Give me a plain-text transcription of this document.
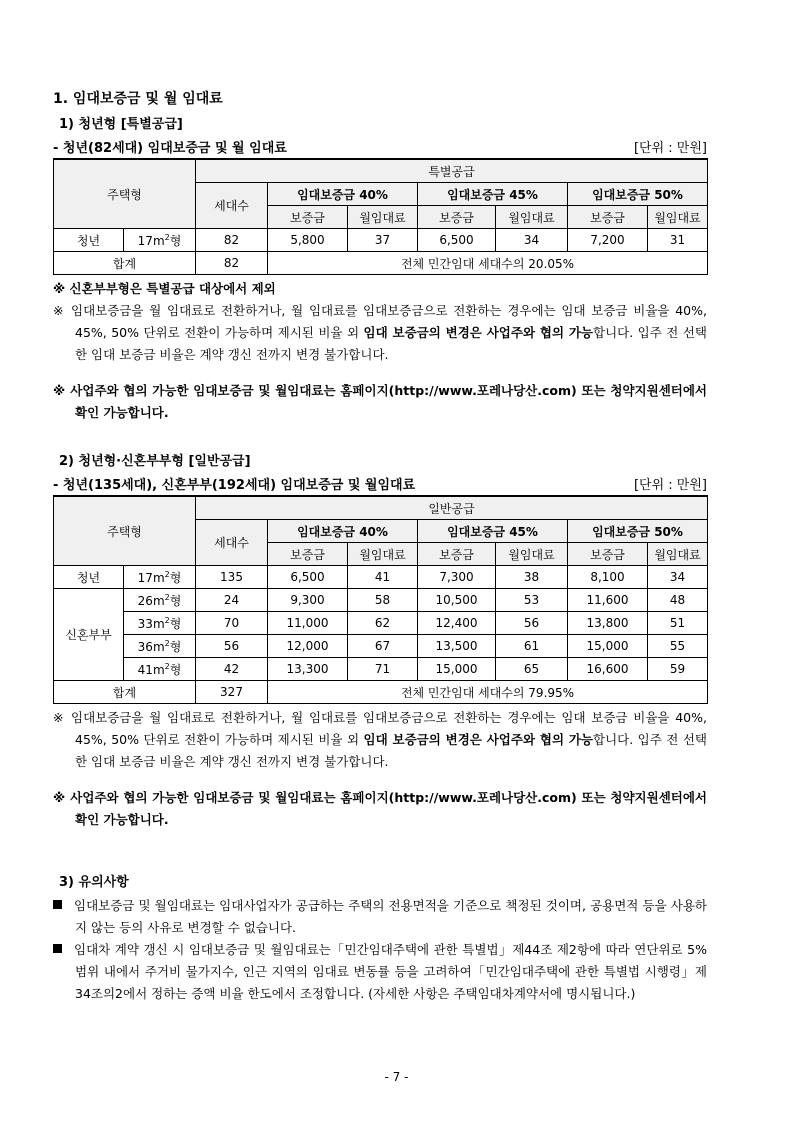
1. 임대보증금 및 월 임대료
1) 청년형 [특별공급]
- 청년(82세대) 임대보증금 및 월 임대료	[단위 : 만원]
주택형		특별공급						
		세대수	임대보증금 40%		임대보증금 45%		임대보증금 50%	
			보증금	월임대료	보증금	월임대료	보증금	월임대료
청년	$17m^2$형	82	5,800	37	6,500	34	7,200	31
합계		82	전체 민간임대 세대수의 20.05%					

※ 신혼부부형은 특별공급 대상에서 제외

※ 임대보증금을 월 임대료로 전환하거나, 월 임대료를 임대보증금으로 전환하는 경우에는 임대 보증금 비율을 40%, 45%, 50% 단위로 전환이 가능하며 제시된 비율 외 임대 보증금의 변경은 사업주와 협의 가능합니다. 입주 전 선택한 임대 보증금 비율은 계약 갱신 전까지 변경 불가합니다.

※ 사업주와 협의 가능한 임대보증금 및 월임대료는 홈페이지(http://www.포레나당산.com) 또는 청약지원센터에서 확인 가능합니다.

2) 청년형·신혼부부형 [일반공급]
- 청년(135세대), 신혼부부(192세대) 임대보증금 및 월임대료	[단위 : 만원]
주택형		일반공급						
		세대수	임대보증금 40%		임대보증금 45%		임대보증금 50%	
			보증금	월임대료	보증금	월임대료	보증금	월임대료
청년	$17m^2$형	135	6,500	41	7,300	38	8,100	34
신혼부부	$26m^2$형	24	9,300	58	10,500	53	11,600	48
	$33m^2$형	70	11,000	62	12,400	56	13,800	51
	$36m^2$형	56	12,000	67	13,500	61	15,000	55
	$41m^2$형	42	13,300	71	15,000	65	16,600	59
합계		327	전체 민간임대 세대수의 79.95%					

※ 임대보증금을 월 임대료로 전환하거나, 월 임대료를 임대보증금으로 전환하는 경우에는 임대 보증금 비율을 40%, 45%, 50% 단위로 전환이 가능하며 제시된 비율 외 임대 보증금의 변경은 사업주와 협의 가능합니다. 입주 전 선택한 임대 보증금 비율은 계약 갱신 전까지 변경 불가합니다.

※ 사업주와 협의 가능한 임대보증금 및 월임대료는 홈페이지(http://www.포레나당산.com) 또는 청약지원센터에서 확인 가능합니다.

3) 유의사항

임대보증금 및 월임대료는 임대사업자가 공급하는 주택의 전용면적을 기준으로 책정된 것이며, 공용면적 등을 사용하지 않는 등의 사유로 변경할 수 없습니다.

임대차 계약 갱신 시 임대보증금 및 월임대료는「민간임대주택에 관한 특별법」제44조 제2항에 따라 연단위로 5% 범위 내에서 주거비 물가지수, 인근 지역의 임대료 변동률 등을 고려하여「민간임대주택에 관한 특별법 시행령」제34조의2에서 정하는 증액 비율 한도에서 조정합니다. (자세한 사항은 주택임대차계약서에 명시됩니다.)

- 7 -
